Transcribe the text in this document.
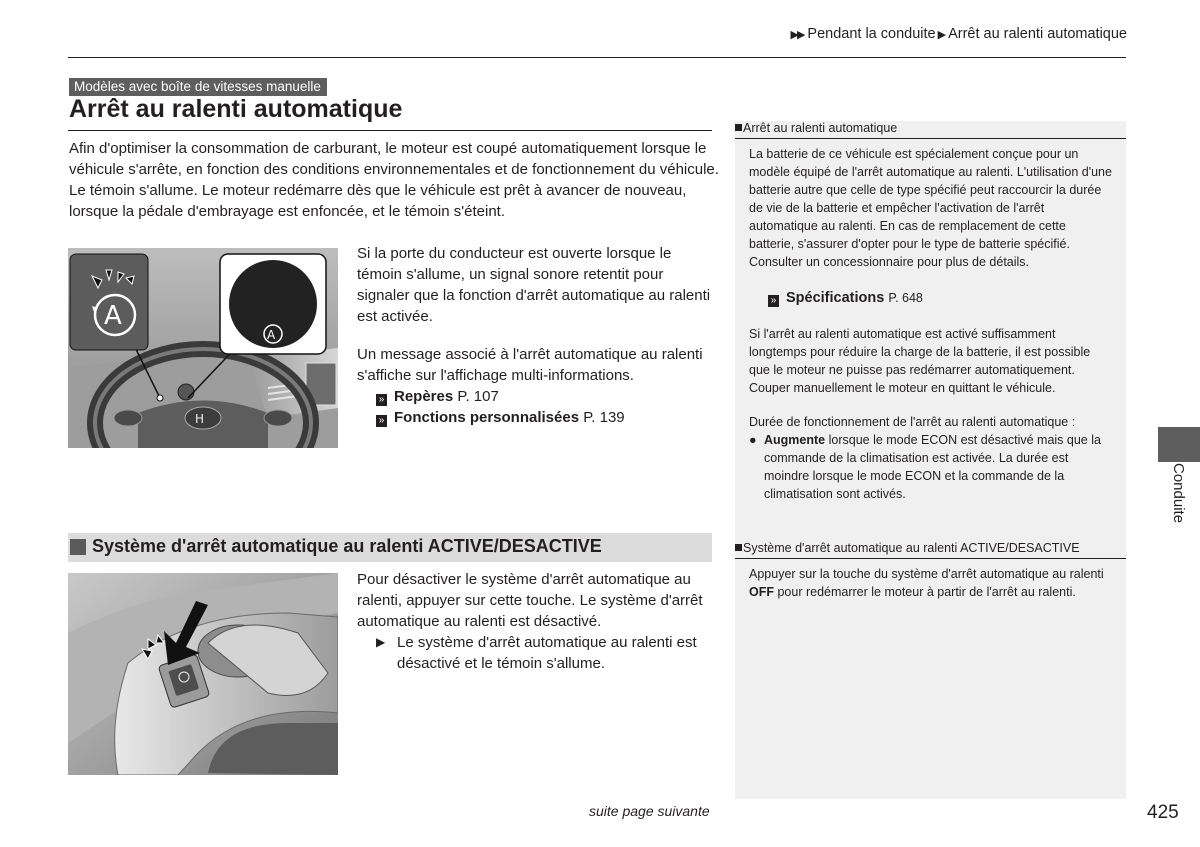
▶▶ Pendant la conduite ▶ Arrêt au ralenti automatique
Modèles avec boîte de vitesses manuelle
Arrêt au ralenti automatique
Afin d'optimiser la consommation de carburant, le moteur est coupé automatiquement lorsque le véhicule s'arrête, en fonction des conditions environnementales et de fonctionnement du véhicule. Le témoin s'allume. Le moteur redémarre dès que le véhicule est prêt à avancer de nouveau, lorsque la pédale d'embrayage est enfoncée, et le témoin s'éteint.
H
A
A
Si la porte du conducteur est ouverte lorsque le témoin s'allume, un signal sonore retentit pour signaler que la fonction d'arrêt automatique au ralenti est activée.
Un message associé à l'arrêt automatique au ralenti s'affiche sur l'affichage multi-informations.
» Repères P. 107
» Fonctions personnalisées P. 139
Système d'arrêt automatique au ralenti ACTIVE/DESACTIVE
Pour désactiver le système d'arrêt automatique au ralenti, appuyer sur cette touche. Le système d'arrêt automatique au ralenti est désactivé.
▶ Le système d'arrêt automatique au ralenti est désactivé et le témoin s'allume.
Arrêt au ralenti automatique
La batterie de ce véhicule est spécialement conçue pour un modèle équipé de l'arrêt automatique au ralenti. L'utilisation d'une batterie autre que celle de type spécifié peut raccourcir la durée de vie de la batterie et empêcher l'activation de l'arrêt automatique au ralenti. En cas de remplacement de cette batterie, s'assurer d'opter pour le type de batterie spécifié. Consulter un concessionnaire pour plus de détails.
» Spécifications P. 648
Si l'arrêt au ralenti automatique est activé suffisamment longtemps pour réduire la charge de la batterie, il est possible que le moteur ne puisse pas redémarrer automatiquement. Couper manuellement le moteur en quittant le véhicule.
Durée de fonctionnement de l'arrêt au ralenti automatique :
● Augmente lorsque le mode ECON est désactivé mais que la commande de la climatisation est activée. La durée est moindre lorsque le mode ECON et la commande de la climatisation sont activés.
Système d'arrêt automatique au ralenti ACTIVE/DESACTIVE
Appuyer sur la touche du système d'arrêt automatique au ralenti OFF pour redémarrer le moteur à partir de l'arrêt au ralenti.
Conduite
suite page suivante	425
